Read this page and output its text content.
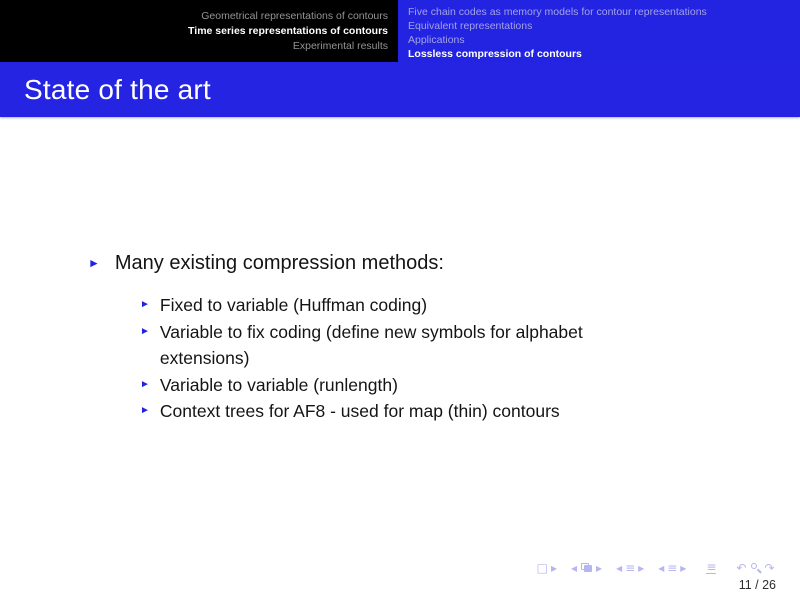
Geometrical representations of contours
Time series representations of contours
Experimental results
Five chain codes as memory models for contour representations
Equivalent representations
Applications
Lossless compression of contours
State of the art
► Many existing compression methods:
► Fixed to variable (Huffman coding)
► Variable to fix coding (define new symbols for alphabet extensions)
► Variable to variable (runlength)
► Context trees for AF8 - used for map (thin) contours
□ ▸ ◂ ▸ ◂ ≡ ▸ ◂ ≡ ▸ ≡ ↶ ↷
11 / 26
